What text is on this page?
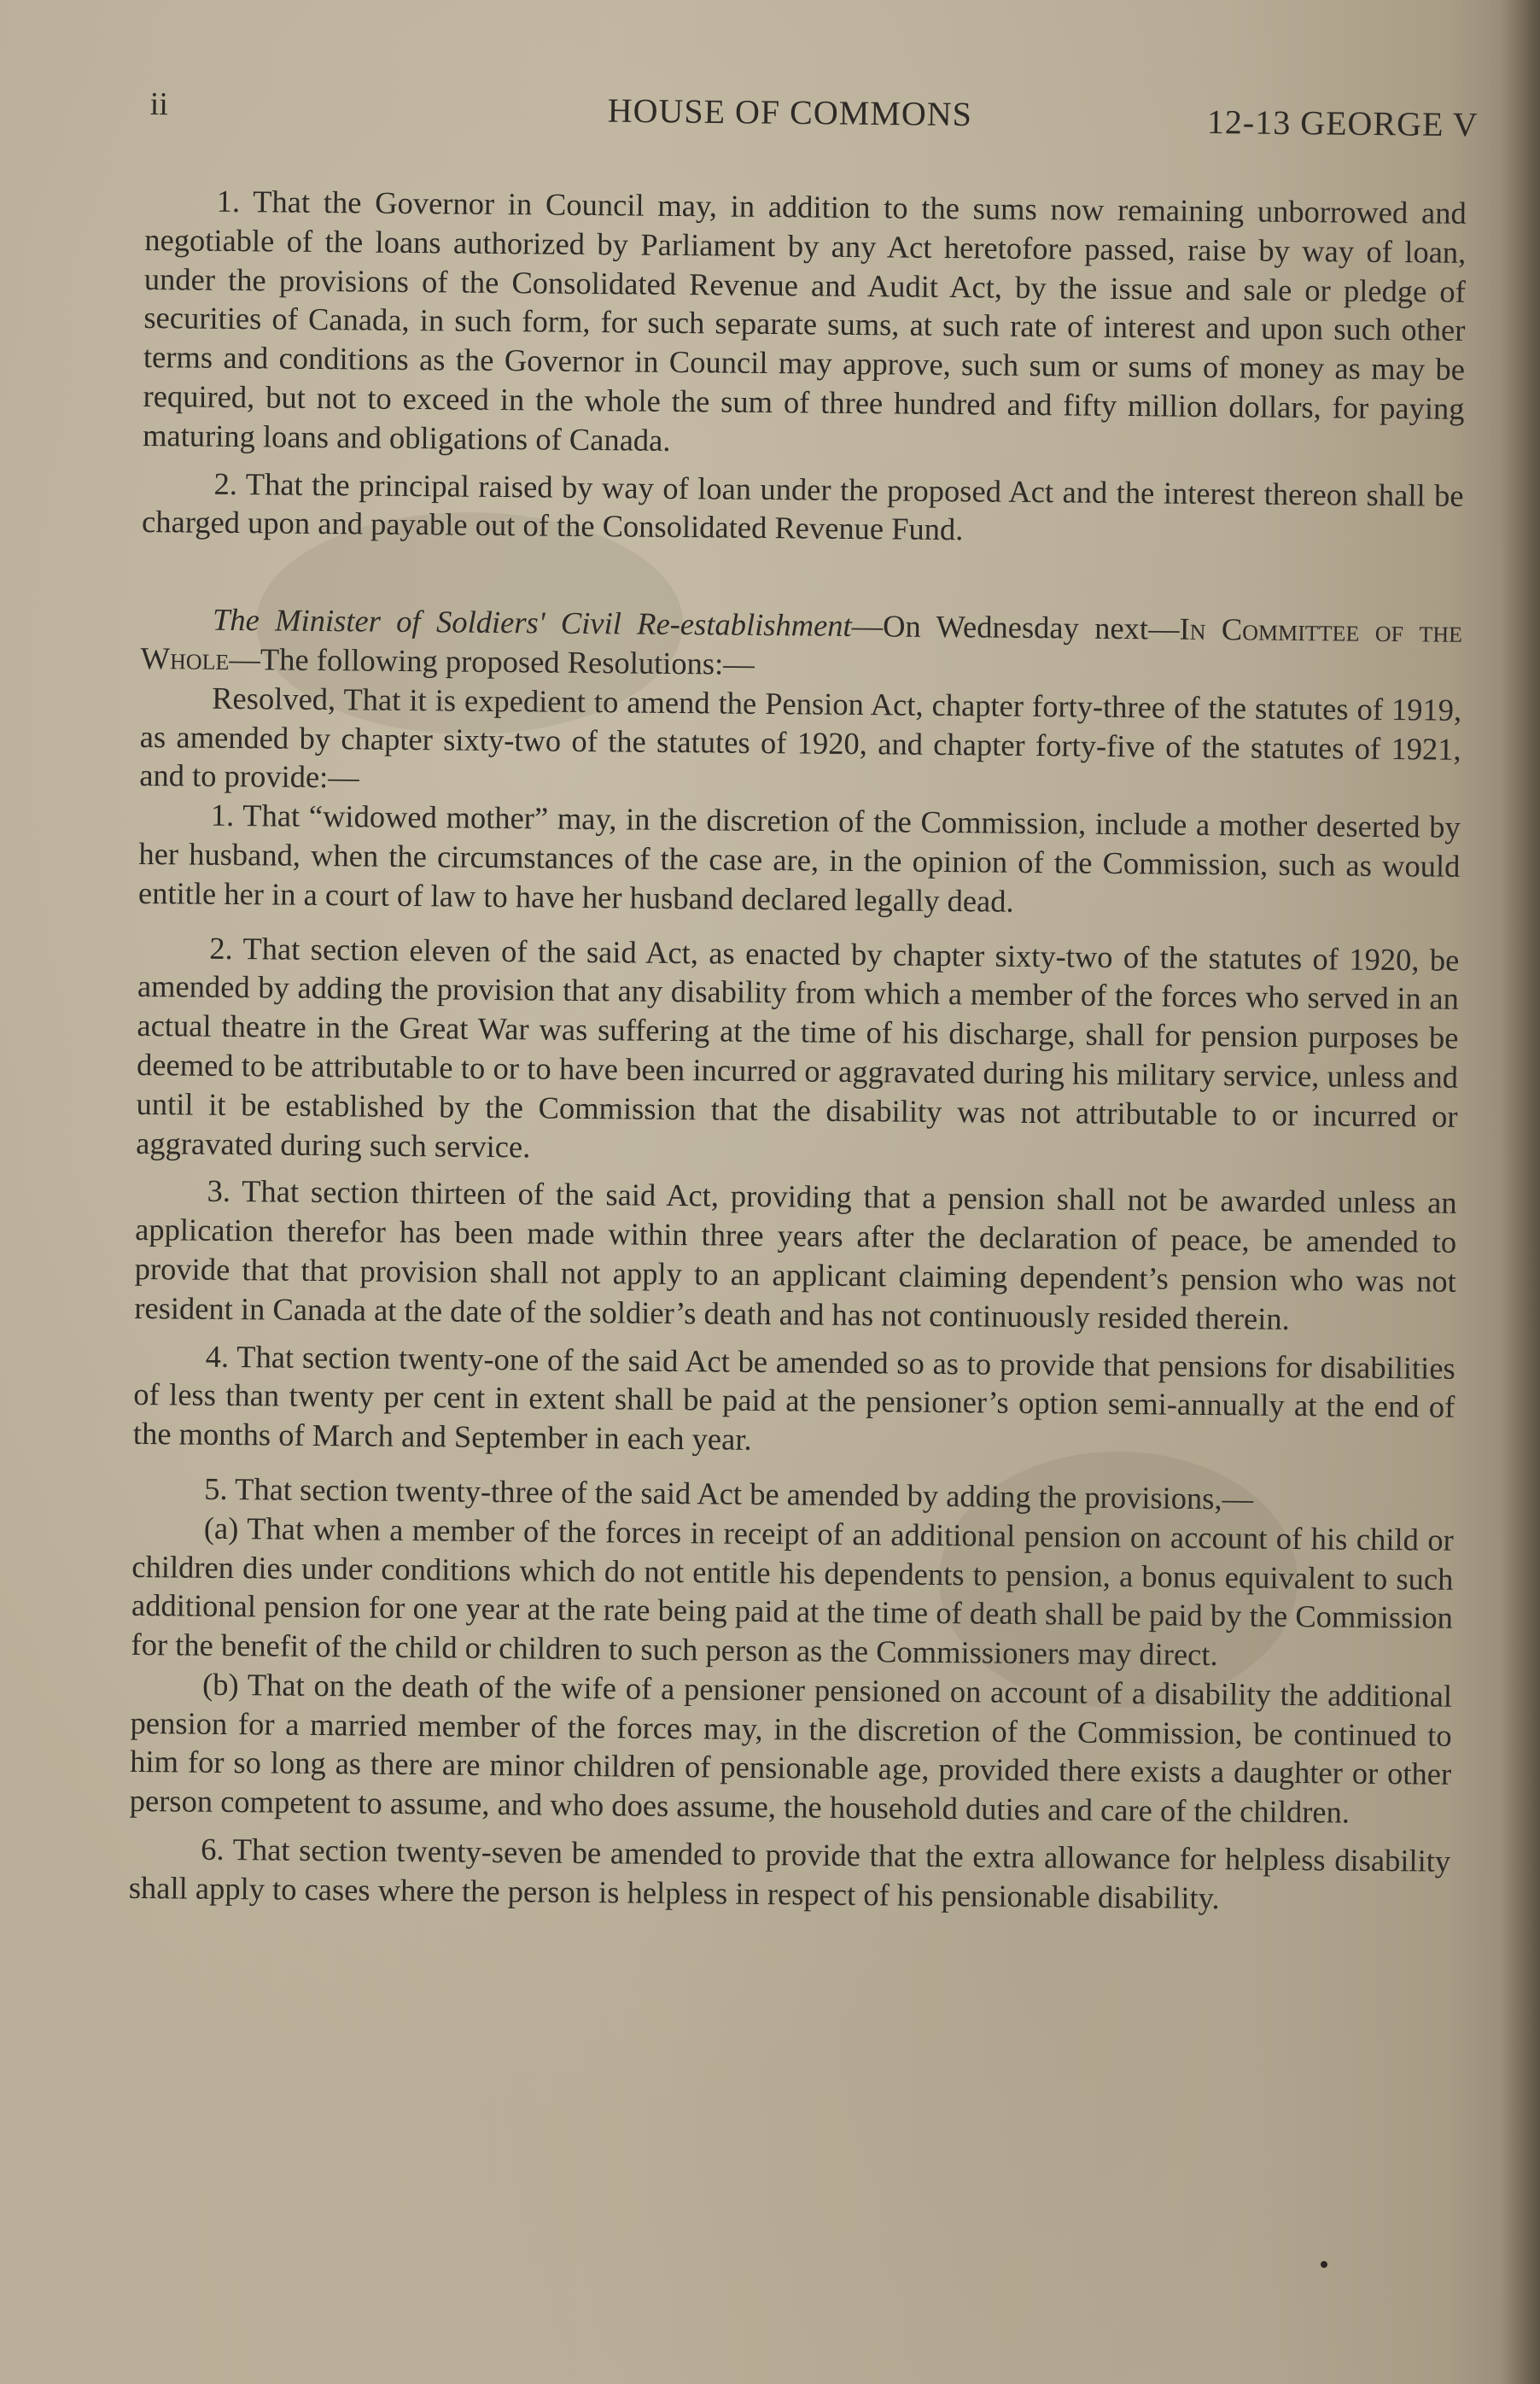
ii	HOUSE OF COMMONS	12-13 GEORGE V

1. That the Governor in Council may, in addition to the sums now remaining unborrowed and negotiable of the loans authorized by Parliament by any Act heretofore passed, raise by way of loan, under the provisions of the Consolidated Revenue and Audit Act, by the issue and sale or pledge of securities of Canada, in such form, for such separate sums, at such rate of interest and upon such other terms and conditions as the Governor in Council may approve, such sum or sums of money as may be required, but not to exceed in the whole the sum of three hundred and fifty million dollars, for paying maturing loans and obligations of Canada.

2. That the principal raised by way of loan under the proposed Act and the interest thereon shall be charged upon and payable out of the Consolidated Revenue Fund.

The Minister of Soldiers' Civil Re-establishment—On Wednesday next—In Committee of the Whole—The following proposed Resolutions:—

Resolved, That it is expedient to amend the Pension Act, chapter forty-three of the statutes of 1919, as amended by chapter sixty-two of the statutes of 1920, and chapter forty-five of the statutes of 1921, and to provide:—

1. That “widowed mother” may, in the discretion of the Commission, include a mother deserted by her husband, when the circumstances of the case are, in the opinion of the Commission, such as would entitle her in a court of law to have her husband declared legally dead.

2. That section eleven of the said Act, as enacted by chapter sixty-two of the statutes of 1920, be amended by adding the provision that any disability from which a member of the forces who served in an actual theatre in the Great War was suffering at the time of his discharge, shall for pension purposes be deemed to be attributable to or to have been incurred or aggravated during his military service, unless and until it be established by the Commission that the disability was not attributable to or incurred or aggravated during such service.

3. That section thirteen of the said Act, providing that a pension shall not be awarded unless an application therefor has been made within three years after the declaration of peace, be amended to provide that that provision shall not apply to an applicant claiming dependent’s pension who was not resident in Canada at the date of the soldier’s death and has not continuously resided therein.

4. That section twenty-one of the said Act be amended so as to provide that pensions for disabilities of less than twenty per cent in extent shall be paid at the pensioner’s option semi-annually at the end of the months of March and September in each year.

5. That section twenty-three of the said Act be amended by adding the provisions,—

(a) That when a member of the forces in receipt of an additional pension on account of his child or children dies under conditions which do not entitle his dependents to pension, a bonus equivalent to such additional pension for one year at the rate being paid at the time of death shall be paid by the Commission for the benefit of the child or children to such person as the Commissioners may direct.

(b) That on the death of the wife of a pensioner pensioned on account of a disability the additional pension for a married member of the forces may, in the discretion of the Commission, be continued to him for so long as there are minor children of pensionable age, provided there exists a daughter or other person competent to assume, and who does assume, the household duties and care of the children.

6. That section twenty-seven be amended to provide that the extra allowance for helpless disability shall apply to cases where the person is helpless in respect of his pensionable disability.
